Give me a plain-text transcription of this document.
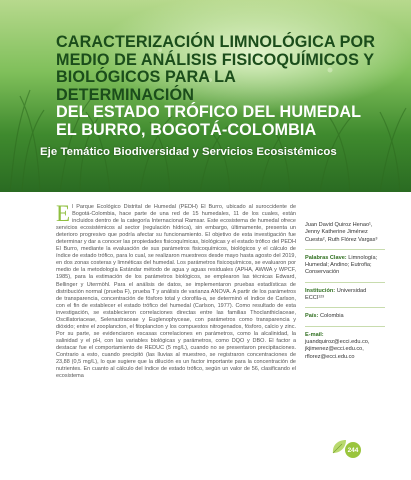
CARACTERIZACIÓN LIMNOLÓGICA POR
MEDIO DE ANÁLISIS FISICOQUÍMICOS Y
BIOLÓGICOS PARA LA DETERMINACIÓN
DEL ESTADO TRÓFICO DEL HUMEDAL
EL BURRO, BOGOTÁ-COLOMBIA
Eje Temático Biodiversidad y Servicios Ecosistémicos

El Parque Ecológico Distrital de Humedal (PEDH) El Burro, ubicado al suroccidente de Bogotá-Colombia, hace parte de una red de 15 humedales, 11 de los cuales, están incluidos dentro de la categoría Internacional Ramsar. Este ecosistema de humedal ofrece servicios ecosistémicos al sector (regulación hídrica), sin embargo, últimamente, presenta un deterioro progresivo que podría afectar su funcionamiento. El objetivo de esta investigación fue determinar y dar a conocer las propiedades fisicoquímicas, biológicas y el estado trófico del PEDH El Burro, mediante la evaluación de sus parámetros fisicoquímicos, biológicos y el cálculo de índice de estado trófico, para lo cual, se realizaron muestreos desde mayo hasta agosto del 2019, en dos zonas costeras y limnéticas del humedal. Los parámetros fisicoquímicos, se evaluaron por medio de la metodología Estándar método de agua y aguas residuales (APHA, AWWA y WPCF, 1985), para la estimación de los parámetros biológicos, se emplearon las técnicas Edward, Bellinger y Utermöhl. Para el análisis de datos, se implementaron pruebas estadísticas de distribución normal (prueba F), prueba T y análisis de varianza ANOVA. A partir de los parámetros de transparencia, concentración de fósforo total y clorofila-a, se determinó el índice de Carlson, con el fin de establecer el estado trófico del humedal (Carlson, 1977). Como resultado de esta investigación, se establecieron correlaciones directas entre las familias Thoclanthiclaceae, Oscillatoriaceae, Selenastraceae y Euglenophyceae, con parámetros como transparencia y dióxido; entre el zooplancton, el fitoplancton y los compuestos nitrogenados, fósforo, calcio y zinc. Por su parte, se evidenciaron escasas correlaciones en parámetros, como la alcalinidad, la salinidad y el pH, con las variables biológicas y parámetros, como DQO y DBO. El factor a destacar fue el comportamiento de REDUC (5 mg/L), cuando no se presentaron precipitaciones. Contrario a esto, cuando precipitó (las lluvias al muestreo, se registraron concentraciones de 23,88 (0,5 mg/L), lo que sugiere que la dilución es un factor importante para la concentración de nutrientes. En cuanto al cálculo del índice de estado trófico, según un valor de 56, clasificando el ecosistema

Juan David Quiroz Henao¹, Jenny Katherine Jiménez Cuesta², Ruth Flórez Vargas³
Palabras Clave: Limnología; Humedal; Andino; Eutrofia; Conservación
Institución: Universidad ECCI¹²³
País: Colombia
E-mail: juandquiroz@ecci.edu.co, jkjimenez@ecci.edu.co, rflorez@ecci.edu.co
244
